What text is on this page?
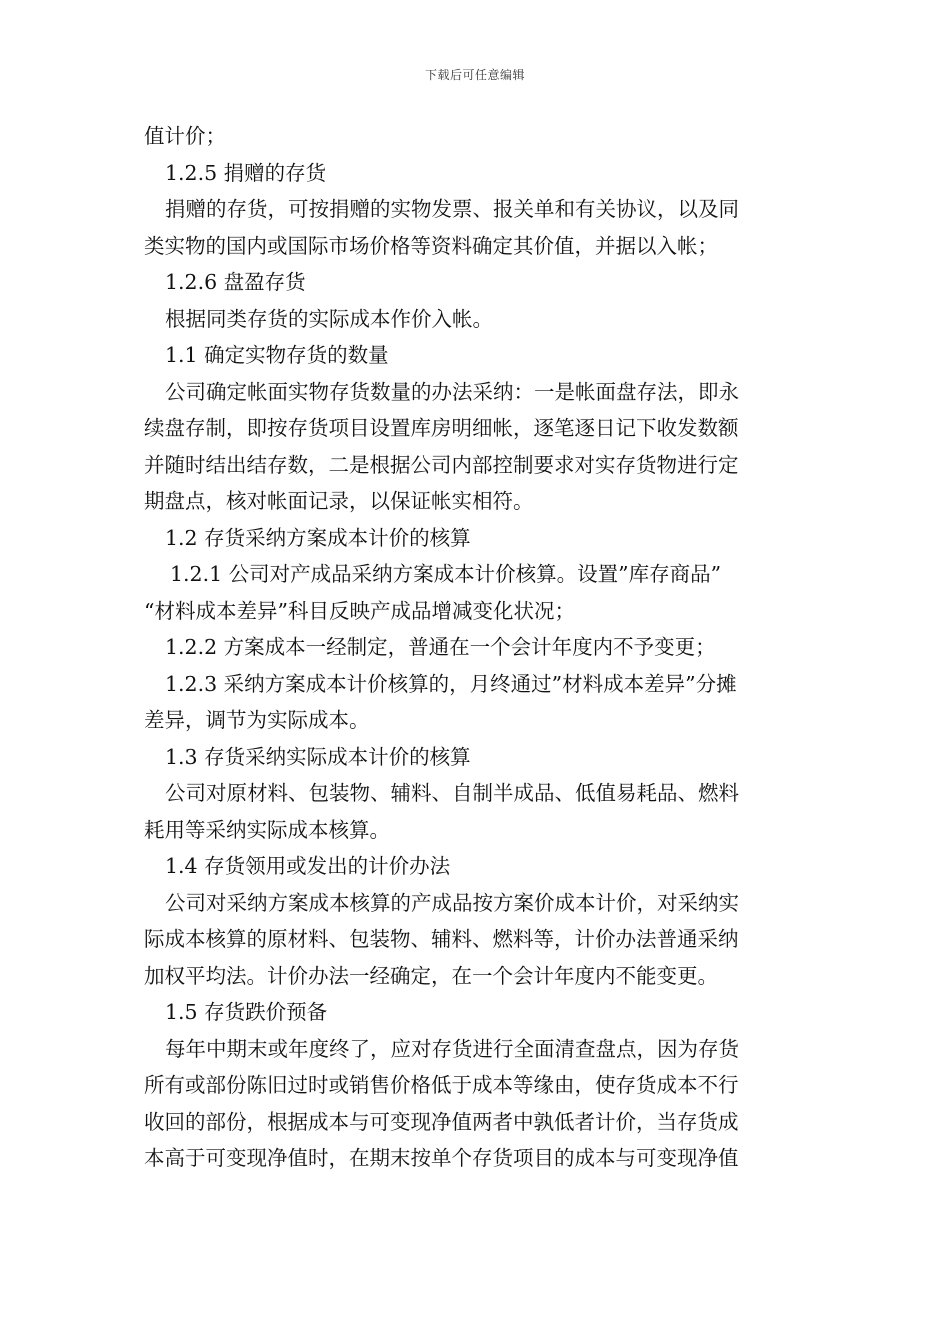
下载后可任意编辑
值计价；
1.2.5 捐赠的存货
捐赠的存货，可按捐赠的实物发票、报关单和有关协议，以及同
类实物的国内或国际市场价格等资料确定其价值，并据以入帐；
1.2.6 盘盈存货
根据同类存货的实际成本作价入帐。
1.1 确定实物存货的数量
公司确定帐面实物存货数量的办法采纳：一是帐面盘存法，即永
续盘存制，即按存货项目设置库房明细帐，逐笔逐日记下收发数额
并随时结出结存数，二是根据公司内部控制要求对实存货物进行定
期盘点，核对帐面记录，以保证帐实相符。
1.2 存货采纳方案成本计价的核算
1.2.1 公司对产成品采纳方案成本计价核算。设置”库存商品”
“材料成本差异”科目反映产成品增减变化状况；
1.2.2 方案成本一经制定，普通在一个会计年度内不予变更；
1.2.3 采纳方案成本计价核算的，月终通过”材料成本差异”分摊
差异，调节为实际成本。
1.3 存货采纳实际成本计价的核算
公司对原材料、包装物、辅料、自制半成品、低值易耗品、燃料
耗用等采纳实际成本核算。
1.4 存货领用或发出的计价办法
公司对采纳方案成本核算的产成品按方案价成本计价，对采纳实
际成本核算的原材料、包装物、辅料、燃料等，计价办法普通采纳
加权平均法。计价办法一经确定，在一个会计年度内不能变更。
1.5 存货跌价预备
每年中期末或年度终了，应对存货进行全面清查盘点，因为存货
所有或部份陈旧过时或销售价格低于成本等缘由，使存货成本不行
收回的部份，根据成本与可变现净值两者中孰低者计价，当存货成
本高于可变现净值时，在期末按单个存货项目的成本与可变现净值
